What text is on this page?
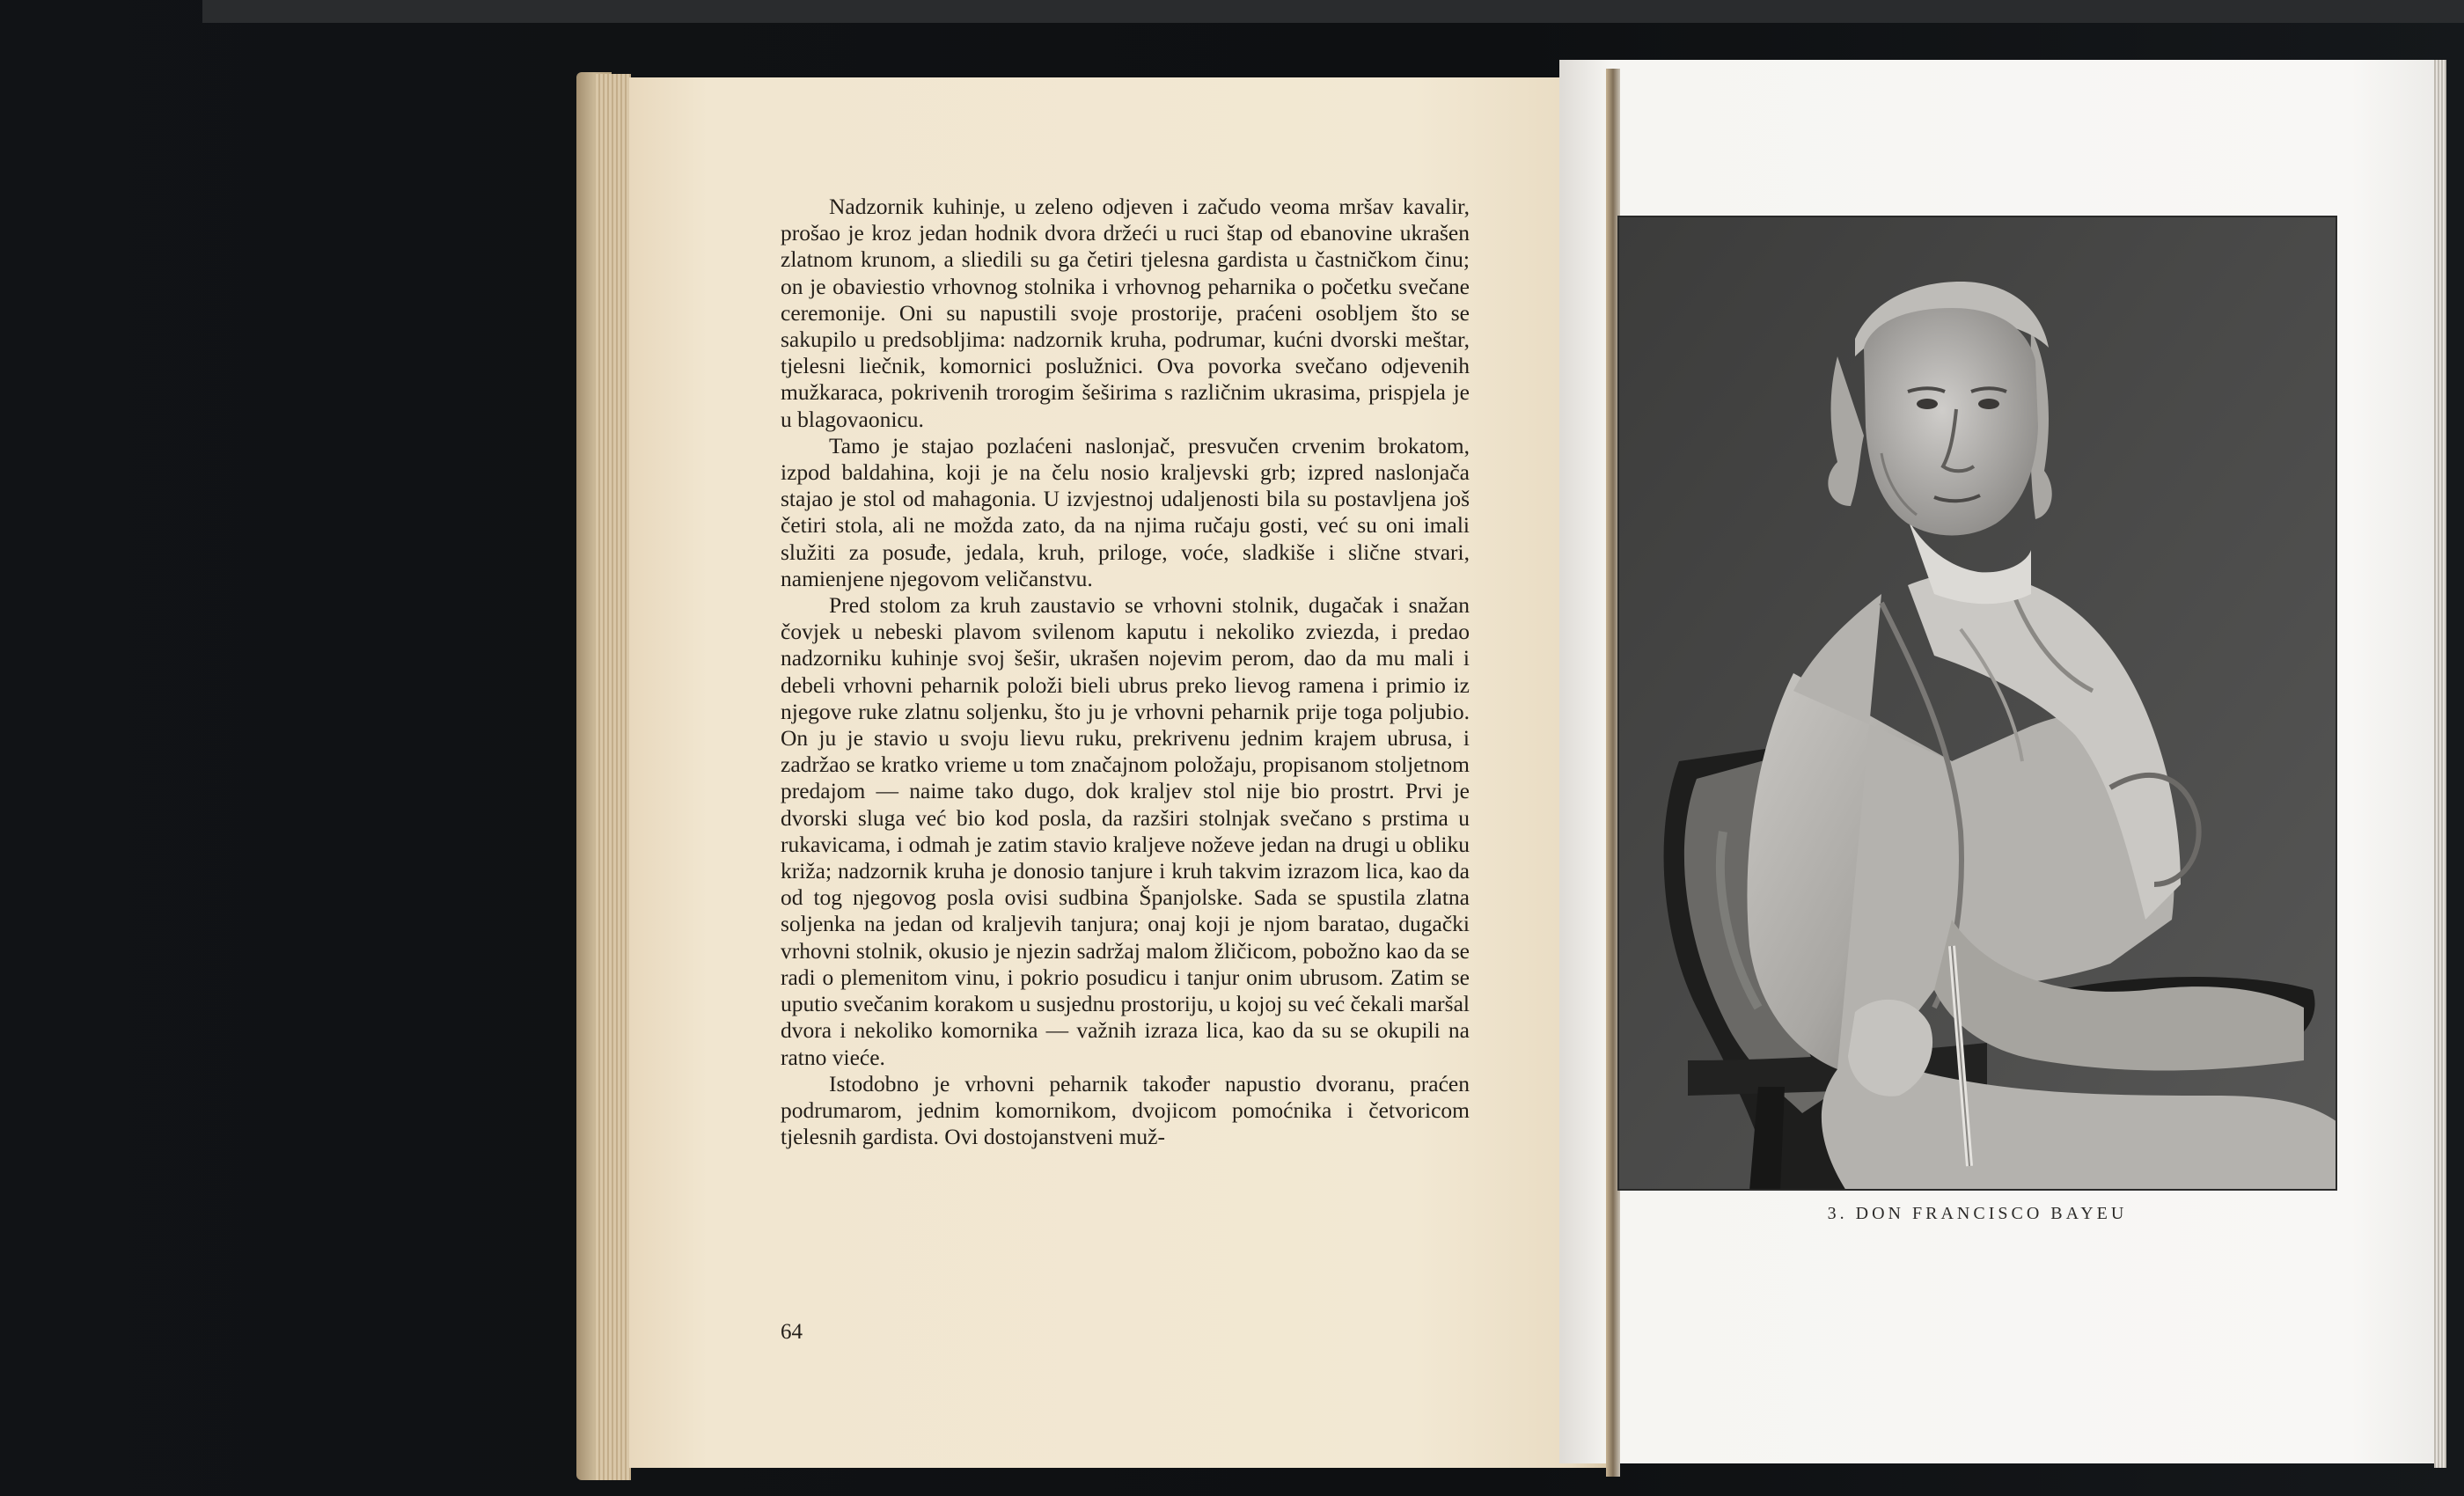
Nadzornik kuhinje, u zeleno odjeven i začudo veoma mršav kavalir, prošao je kroz jedan hodnik dvora držeći u ruci štap od ebanovine ukrašen zlatnom krunom, a sliedili su ga četiri tjelesna gardista u častničkom činu; on je obaviestio vrhovnog stolnika i vrhovnog peharnika o početku svečane ceremonije. Oni su napustili svoje prostorije, praćeni osobljem što se sakupilo u predsobljima: nadzornik kruha, podrumar, kućni dvorski meštar, tjelesni liečnik, komornici poslužnici. Ova povorka svečano odjevenih mužkaraca, pokrivenih trorogim šeširima s različnim ukrasima, prispjela je u blagovaonicu.

Tamo je stajao pozlaćeni naslonjač, presvučen crvenim brokatom, izpod baldahina, koji je na čelu nosio kraljevski grb; izpred naslonjača stajao je stol od mahagonia. U izvjestnoj udaljenosti bila su postavljena još četiri stola, ali ne možda zato, da na njima ručaju gosti, već su oni imali služiti za posuđe, jedala, kruh, priloge, voće, sladkiše i slične stvari, namienjene njegovom veličanstvu.

Pred stolom za kruh zaustavio se vrhovni stolnik, dugačak i snažan čovjek u nebeski plavom svilenom kaputu i nekoliko zviezda, i predao nadzorniku kuhinje svoj šešir, ukrašen nojevim perom, dao da mu mali i debeli vrhovni peharnik položi bieli ubrus preko lievog ramena i primio iz njegove ruke zlatnu soljenku, što ju je vrhovni peharnik prije toga poljubio. On ju je stavio u svoju lievu ruku, prekrivenu jednim krajem ubrusa, i zadržao se kratko vrieme u tom značajnom položaju, propisanom stoljetnom predajom — naime tako dugo, dok kraljev stol nije bio prostrt. Prvi je dvorski sluga već bio kod posla, da razširi stolnjak svečano s prstima u rukavicama, i odmah je zatim stavio kraljeve noževe jedan na drugi u obliku križa; nadzornik kruha je donosio tanjure i kruh takvim izrazom lica, kao da od tog njegovog posla ovisi sudbina Španjolske. Sada se spustila zlatna soljenka na jedan od kraljevih tanjura; onaj koji je njom baratao, dugački vrhovni stolnik, okusio je njezin sadržaj malom žličicom, pobožno kao da se radi o plemenitom vinu, i pokrio posudicu i tanjur onim ubrusom. Zatim se uputio svečanim korakom u susjednu prostoriju, u kojoj su već čekali maršal dvora i nekoliko komornika — važnih izraza lica, kao da su se okupili na ratno viećе.

Istodobno je vrhovni peharnik također napustio dvoranu, praćen podrumarom, jednim komornikom, dvojicom pomoćnika i četvoricom tjelesnih gardista. Ovi dostojanstveni muž-

64
3. DON FRANCISCO BAYEU
